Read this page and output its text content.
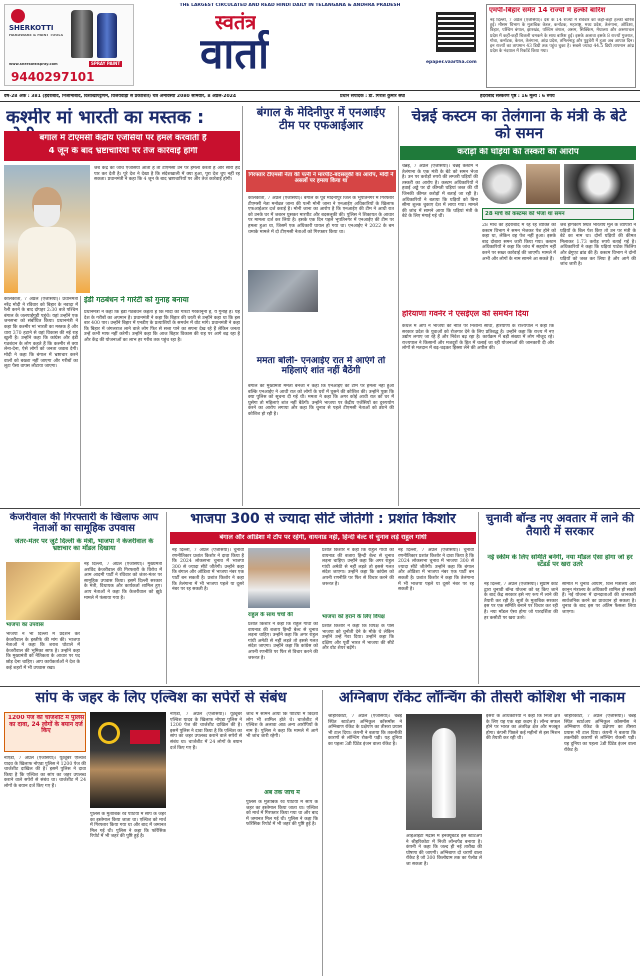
SHERKOTTI
HARDWARE & PAINT TOOLS
SPRAY PAINT
www.sherkottispray.com
9440297101
THE LARGEST CIRCULATED AND READ HINDI DAILY IN TELANGANA & ANDHRA PRADESH
स्वतंत्र
वार्ता	epaper.vaartha.com
एमपी-बिहार समेत 14 राज्यों में हल्की बारिश
नई दिल्ली, 7 अप्रैल (एजेंसियां)। देश के 14 राज्यों में रविवार को कहीं-कहीं हल्की बारिश हुई। मौसम विभाग के मुताबिक केरल, कर्नाटक, महाराष्ट्र, मध्य प्रदेश, तेलंगाना, ओडिशा, बिहार, पश्चिम बंगाल, झारखंड, पश्चिम बंगाल, असम, सिक्किम, मेघालय और अरुणाचल प्रदेश में कहीं-कहीं बिजली चमकने के साथ बारिश हुई। इसके अलावा इसके 8 राज्यों गुजरात, गोवा, कर्नाटक, केरल, तेलंगाना, आंध्र प्रदेश, तमिलनाडु और पुडुचेरी में हुआ अब आपात दिन। इन राज्यों का तापमान 43 डिग्री तक पहुंच चुका है। सबसे ज्यादा 44.5 डिग्री तापमान आंध्र प्रदेश के नंदयाल में रिकॉर्ड किया गया।
वर्ष-28 अंक : 381 (हैदराबाद, निजामाबाद, विशाखापट्टणम, विजयवाड़ा से प्रकाशित) चैत्र अमावस्या 2080 सोमवार, 8 अप्रैल-2024	प्रधान संपादक : डॉ. गिरीश कुमार संघी	हैदराबाद संस्करण पृष्ठ : 16 मूल्य : 6 रुपये
कश्मीर मां भारती का मस्तक :
बंगाल में टीएमसी केंद्रीय एजेंसियों पर हमले करवाती है
4 जून के बाद भ्रष्टाचारियों पर तेज कार्रवाई होगी
जब केंद्र की जांच एजेंसियां आती हैं तो टीएमसी उन पर हमला करती है और सारी हदें पार कर देती है। पूरे देश ने देखा है कि संदेशखाली में क्या हुआ, पूरा देश चुप नहीं रह सकता। प्रधानमंत्री ने कहा कि 4 जून के बाद भ्रष्टाचारियों पर और तेज कार्रवाई होगी।
कोलकाता, 7 अप्रैल (एजेंसियां)। प्रधानमंत्री नरेंद्र मोदी ने रविवार को बिहार के नवादा में रैली करने के बाद दोपहर 2:30 बजे पश्चिम बंगाल के जलपाईगुड़ी पहुंचे। यहां उन्होंने एक जनसभा को संबोधित किया। प्रधानमंत्री ने कहा कि कश्मीर मां भारती का मस्तक है और धारा 370 हटाने से वहां विकास की नई राह खुली है। उन्होंने कहा कि कांग्रेस और इंडी गठबंधन के लोग कहते हैं कि कश्मीर से क्या लेना-देना, ऐसे लोगों को जनता जवाब देगी। मोदी ने कहा कि बंगाल में भ्रष्टाचार करने वालों को बख्शा नहीं जाएगा और गरीबों का लूटा पैसा वापस लौटाया जाएगा।
इंडी गठबंधन ने गारंटी को गुनाह बनाया
प्रधानमंत्री ने कहा कि इंडी गठबंधन कहता है कि मोदी की गारंटी गैरकानूनी है, ये गुनाह है। यह देश के गरीबों का अपमान है। प्रधानमंत्री ने कहा कि बिहार की धरती से उन्होंने कहा था कि इस बार 400 पार। उन्होंने बिहार में एनडीए के प्रत्याशियों के समर्थन में वोट मांगे। प्रधानमंत्री ने कहा कि बिहार में जंगलराज लाने वाले लोग फिर से सत्ता पाने का सपना देख रहे हैं लेकिन जनता उन्हें कभी माफ नहीं करेगी। उन्होंने कहा कि आज बिहार विकास की राह पर आगे बढ़ रहा है और केंद्र की योजनाओं का लाभ हर गरीब तक पहुंच रहा है।
बंगाल के मेदिनीपुर में एनआईए टीम पर एफआईआर
गिरफ्तार टीएमसी नेता की पत्नी ने मारपीट-बदसलूकी का आरोप, मोदी ने असलों पर हमला किया था
कोलकाता, 7 अप्रैल (एजेंसियां)। बंगाल के पूर्व मेदिनीपुर जिले के भूपतिनगर में गिरफ्तार टीएमसी नेता मनोब्रत जाना की पत्नी मोनी जाना ने एनआईए अधिकारियों के खिलाफ एफआईआर दर्ज कराई है। मोनी जाना का आरोप है कि एनआईए की टीम ने आधी रात को उनके घर में जबरन घुसकर मारपीट और बदसलूकी की। पुलिस ने शिकायत के आधार पर मामला दर्ज कर लिया है। इसके एक दिन पहले भूपतिनगर में एनआईए की टीम पर हमला हुआ था, जिसमें एक अधिकारी घायल हो गया था। एनआईए ने 2022 के बम धमाके मामले में दो टीएमसी नेताओं को गिरफ्तार किया था।
ममता बोलीं- एनआईए रात में आएंगे तो महिलाएं शांत नहीं बैठेंगी
बंगाल की मुख्यमंत्री ममता बनर्जी ने कहा कि एनआईए की टीम पर हमला नहीं हुआ बल्कि एनआईए ने आधी रात को लोगों के घरों में घुसने की कोशिश की। उन्होंने पूछा कि क्या पुलिस को सूचना दी गई थी। ममता ने कहा कि अगर कोई आधी रात को घर में घुसेगा तो महिलाएं शांत नहीं बैठेंगी। उन्होंने भाजपा पर केंद्रीय एजेंसियों का दुरुपयोग करने का आरोप लगाया और कहा कि चुनाव से पहले टीएमसी नेताओं को डराने की कोशिश हो रही है।
चेन्नई कस्टम का तेलंगाना के मंत्री के बेटे को समन
करोड़ों की घड़ियों की तस्करी का आरोप
चेन्नई, 7 अप्रैल (एजेंसियां)। चेन्नई कस्टम ने तेलंगाना के एक मंत्री के बेटे को समन भेजा है। उन पर करोड़ों रुपये की लग्जरी घड़ियों की तस्करी का आरोप है। कस्टम अधिकारियों ने हवाई अड्डे पर दो कीमती घड़ियां जब्त की थीं जिनकी कीमत करोड़ों में बताई जा रही है। अधिकारियों ने बताया कि घड़ियों को बिना सीमा शुल्क चुकाए देश में लाया गया। मामले की जांच में सामने आया कि घड़ियां मंत्री के बेटे के लिए मंगाई गई थीं।	28 मार्च को कस्टम्स को भेजा था समन
28 मार्च को हैदराबाद में रह रहे व्यक्ति को कस्टम विभाग ने समन भेजकर पेश होने को कहा था, लेकिन वह पेश नहीं हुआ। इसके बाद दोबारा समन जारी किया गया। कस्टम अधिकारियों ने कहा कि जांच में सहयोग नहीं करने पर सख्त कार्रवाई की जाएगी। मामले में अभी और लोगों के नाम सामने आ सकते हैं।
जब हांगकांग स्थित भारतीय मूल के व्यापारी ने घड़ियों के बिल पेश किए तो उन पर मंत्री के बेटे का नाम था। दोनों घड़ियों की कीमत मिलाकर 1.73 करोड़ रुपये बताई गई है। अधिकारियों ने कहा कि घड़ियां पाटेक फिलिप और ब्रेगुएट ब्रांड की हैं। कस्टम विभाग ने दोनों घड़ियों को जब्त कर लिया है और आगे की जांच जारी है।
हरियाणा गवर्नर ने एसईएल को समर्थन दिया
कैथल में आप ने भाजपा की नीति पर निशाना साधा, हरियाणा के राज्यपाल ने कहा कि सरकार प्रदेश के युवाओं को रोजगार देने के लिए प्रतिबद्ध है। उन्होंने कहा कि राज्य में नए उद्योग लगाए जा रहे हैं और निवेश बढ़ रहा है। कार्यक्रम में बड़ी संख्या में लोग मौजूद रहे। राज्यपाल ने किसानों और मजदूरों के हित में चलाई जा रही योजनाओं की जानकारी दी और लोगों से मतदान में बढ़-चढ़कर हिस्सा लेने की अपील की।
केजरीवाल की गिरफ्तारी के खिलाफ आप नेताओं का सामूहिक उपवास
जंतर-मंतर पर जुटे दिल्ली के मंत्री, भाजपा ने केजरीवाल के भ्रष्टाचार का मॉडल दिखाया
भाजपा का उपवास
नई दिल्ली, 7 अप्रैल (एजेंसियां)। मुख्यमंत्री अरविंद केजरीवाल की गिरफ्तारी के विरोध में आम आदमी पार्टी ने रविवार को जंतर-मंतर पर सामूहिक उपवास किया। इसमें दिल्ली सरकार के मंत्री, विधायक और कार्यकर्ता शामिल हुए। आप नेताओं ने कहा कि केजरीवाल को झूठे मामले में फंसाया गया है।
भाजपा ने भी दिल्ली में प्रदर्शन कर केजरीवाल के इस्तीफे की मांग की। भाजपा नेताओं ने कहा कि शराब घोटाले में केजरीवाल की भूमिका साफ है। उन्होंने कहा कि मुख्यमंत्री को नैतिकता के आधार पर पद छोड़ देना चाहिए। आप कार्यकर्ताओं ने देश के कई शहरों में भी उपवास रखा।
भाजपा 300 से ज्यादा सीटें जीतेगी : प्रशांत किशोर
बंगाल और ओडिशा में टॉप पर रहेगी, वायनाड नहीं, हिन्दी बेल्ट से चुनाव लड़ें राहुल गांधी
नई दिल्ली, 7 अप्रैल (एजेंसियां)। चुनावी रणनीतिकार प्रशांत किशोर ने दावा किया है कि 2024 लोकसभा चुनाव में भाजपा 300 से ज्यादा सीटें जीतेगी। उन्होंने कहा कि बंगाल और ओडिशा में भाजपा नंबर एक पार्टी बन सकती है। प्रशांत किशोर ने कहा कि तेलंगाना में भी भाजपा पहले या दूसरे नंबर पर रह सकती है।
राहुल के साथ चर्चा की
प्रशांत किशोर ने कहा कि राहुल गांधी को वायनाड की बजाय हिन्दी बेल्ट से चुनाव लड़ना चाहिए। उन्होंने कहा कि अगर राहुल गांधी अमेठी से नहीं लड़ते तो इससे गलत संदेश जाएगा। उन्होंने कहा कि कांग्रेस को अपनी रणनीति पर फिर से विचार करने की जरूरत है।
प्रशांत किशोर ने कहा कि राहुल गांधी को वायनाड की बजाय हिन्दी बेल्ट से चुनाव लड़ना चाहिए। उन्होंने कहा कि अगर राहुल गांधी अमेठी से नहीं लड़ते तो इससे गलत संदेश जाएगा। उन्होंने कहा कि कांग्रेस को अपनी रणनीति पर फिर से विचार करने की जरूरत है।
भाजपा को हराने के लिए विपक्ष
प्रशांत किशोर ने कहा कि विपक्ष के पास भाजपा को चुनौती देने के मौके थे लेकिन उन्होंने उन्हें गंवा दिया। उन्होंने कहा कि दक्षिण और पूर्वी भारत में भाजपा की सीटें और वोट शेयर बढ़ेंगे।
नई दिल्ली, 7 अप्रैल (एजेंसियां)। चुनावी रणनीतिकार प्रशांत किशोर ने दावा किया है कि 2024 लोकसभा चुनाव में भाजपा 300 से ज्यादा सीटें जीतेगी। उन्होंने कहा कि बंगाल और ओडिशा में भाजपा नंबर एक पार्टी बन सकती है। प्रशांत किशोर ने कहा कि तेलंगाना में भी भाजपा पहले या दूसरे नंबर पर रह सकती है।
चुनावी बॉन्ड नए अवतार में लाने की तैयारी में सरकार
नई स्कीम के लिए समिति बनेगी, नया मॉडल ऐसा होगा जो हर स्टेंडर्ड पर खरा उतरे
नई दिल्ली, 7 अप्रैल (एजेंसियां)। सुप्रीम कोर्ट द्वारा चुनावी बॉन्ड योजना को रद्द किए जाने के बाद केंद्र सरकार इसे नए रूप में लाने की तैयारी कर रही है। सूत्रों के मुताबिक सरकार इस पर एक समिति बनाने पर विचार कर रही है। नया मॉडल ऐसा होगा जो पारदर्शिता की हर कसौटी पर खरा उतरे।
समिति में चुनाव आयोग, वित्त मंत्रालय और कानून मंत्रालय के अधिकारी शामिल हो सकते हैं। नई योजना में दानदाताओं की जानकारी सार्वजनिक करने का प्रावधान हो सकता है। चुनाव के बाद इस पर अंतिम फैसला लिया जाएगा।
सांप के जहर के लिए एल्विश का सपेरों से संबंध
1200 पेज की चार्जशीट में पुलिस का दावा, 24 लोगों के बयान दर्ज किए
नोएडा, 7 अप्रैल (एजेंसियां)। यूट्यूबर एल्विश यादव के खिलाफ नोएडा पुलिस ने 1200 पेज की चार्जशीट दाखिल की है। इसमें पुलिस ने दावा किया है कि एल्विश का सांप का जहर उपलब्ध कराने वाले सपेरों से संबंध था। चार्जशीट में 24 लोगों के बयान दर्ज किए गए हैं।
पुलिस के मुताबिक रेव पार्टियों में सांप के जहर का इस्तेमाल किया जाता था। एल्विश को मार्च में गिरफ्तार किया गया था और बाद में जमानत मिल गई थी। पुलिस ने कहा कि फॉरेंसिक रिपोर्ट में भी जहर की पुष्टि हुई है।
नोएडा, 7 अप्रैल (एजेंसियां)। यूट्यूबर एल्विश यादव के खिलाफ नोएडा पुलिस ने 1200 पेज की चार्जशीट दाखिल की है। इसमें पुलिस ने दावा किया है कि एल्विश का सांप का जहर उपलब्ध कराने वाले सपेरों से संबंध था। चार्जशीट में 24 लोगों के बयान दर्ज किए गए हैं।
अब तक जांच में
जांच में सामने आया कि पार्टियों में विदेशी लोग भी शामिल होते थे। चार्जशीट में एल्विश के अलावा आठ अन्य आरोपियों के नाम हैं। पुलिस ने कहा कि मामले में आगे भी जांच जारी रहेगी।
पुलिस के मुताबिक रेव पार्टियों में सांप के जहर का इस्तेमाल किया जाता था। एल्विश को मार्च में गिरफ्तार किया गया था और बाद में जमानत मिल गई थी। पुलिस ने कहा कि फॉरेंसिक रिपोर्ट में भी जहर की पुष्टि हुई है।
अग्निबाण रॉकेट लॉन्चिंग की तीसरी कोशिश भी नाकाम
श्रीहरिकोटा, 7 अप्रैल (एजेंसियां)। चेन्नई स्थित स्टार्टअप अग्निकुल कॉसमॉस ने अग्निबाण रॉकेट के प्रक्षेपण का तीसरा प्रयास भी टाल दिया। कंपनी ने बताया कि तकनीकी कारणों से लॉन्चिंग रोकनी पड़ी। यह दुनिया का पहला 3डी प्रिंटेड इंजन वाला रॉकेट है।
आईआईटी मद्रास में इनक्यूबेटेड इस स्टार्टअप ने श्रीहरिकोटा में निजी लॉन्चपैड बनाया है। कंपनी ने कहा कि जल्द ही नई तारीख की घोषणा की जाएगी। अग्निबाण दो चरणों वाला रॉकेट है जो 300 किलोग्राम तक का पेलोड ले जा सकता है।
इसरो के अधिकारियों ने कहा कि निजी क्षेत्र के लिए यह एक बड़ा कदम है। लॉन्च सफल होने पर भारत का अंतरिक्ष क्षेत्र और मजबूत होगा। कंपनी पिछले कई महीनों से इस मिशन की तैयारी कर रही थी।
श्रीहरिकोटा, 7 अप्रैल (एजेंसियां)। चेन्नई स्थित स्टार्टअप अग्निकुल कॉसमॉस ने अग्निबाण रॉकेट के प्रक्षेपण का तीसरा प्रयास भी टाल दिया। कंपनी ने बताया कि तकनीकी कारणों से लॉन्चिंग रोकनी पड़ी। यह दुनिया का पहला 3डी प्रिंटेड इंजन वाला रॉकेट है।
